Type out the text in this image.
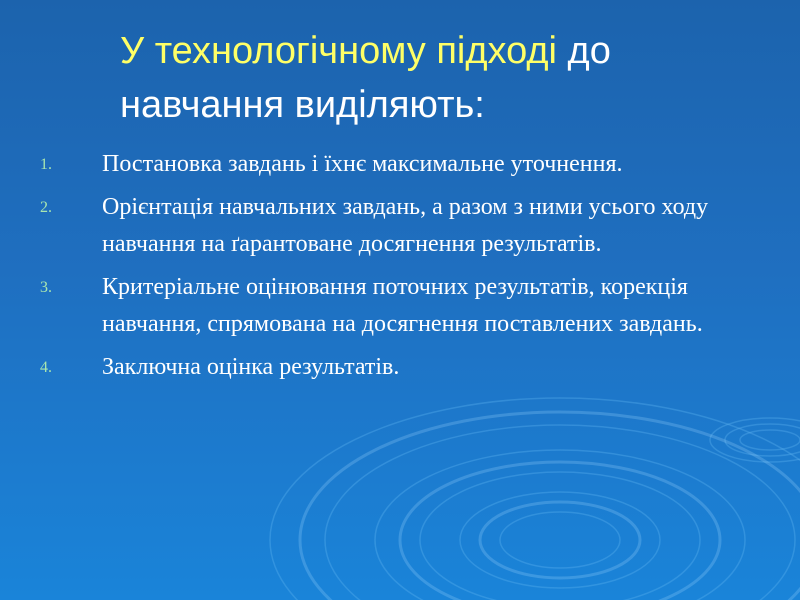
У технологічному підході до
навчання виділяють:
1. Постановка завдань і їхнє максимальне уточнення.
2. Орієнтація навчальних завдань, а разом з ними усього ходу навчання на ґарантоване досягнення результатів.
3. Критеріальне оцінювання поточних результатів, корекція навчання, спрямована на досягнення поставлених завдань.
4. Заключна оцінка результатів.
